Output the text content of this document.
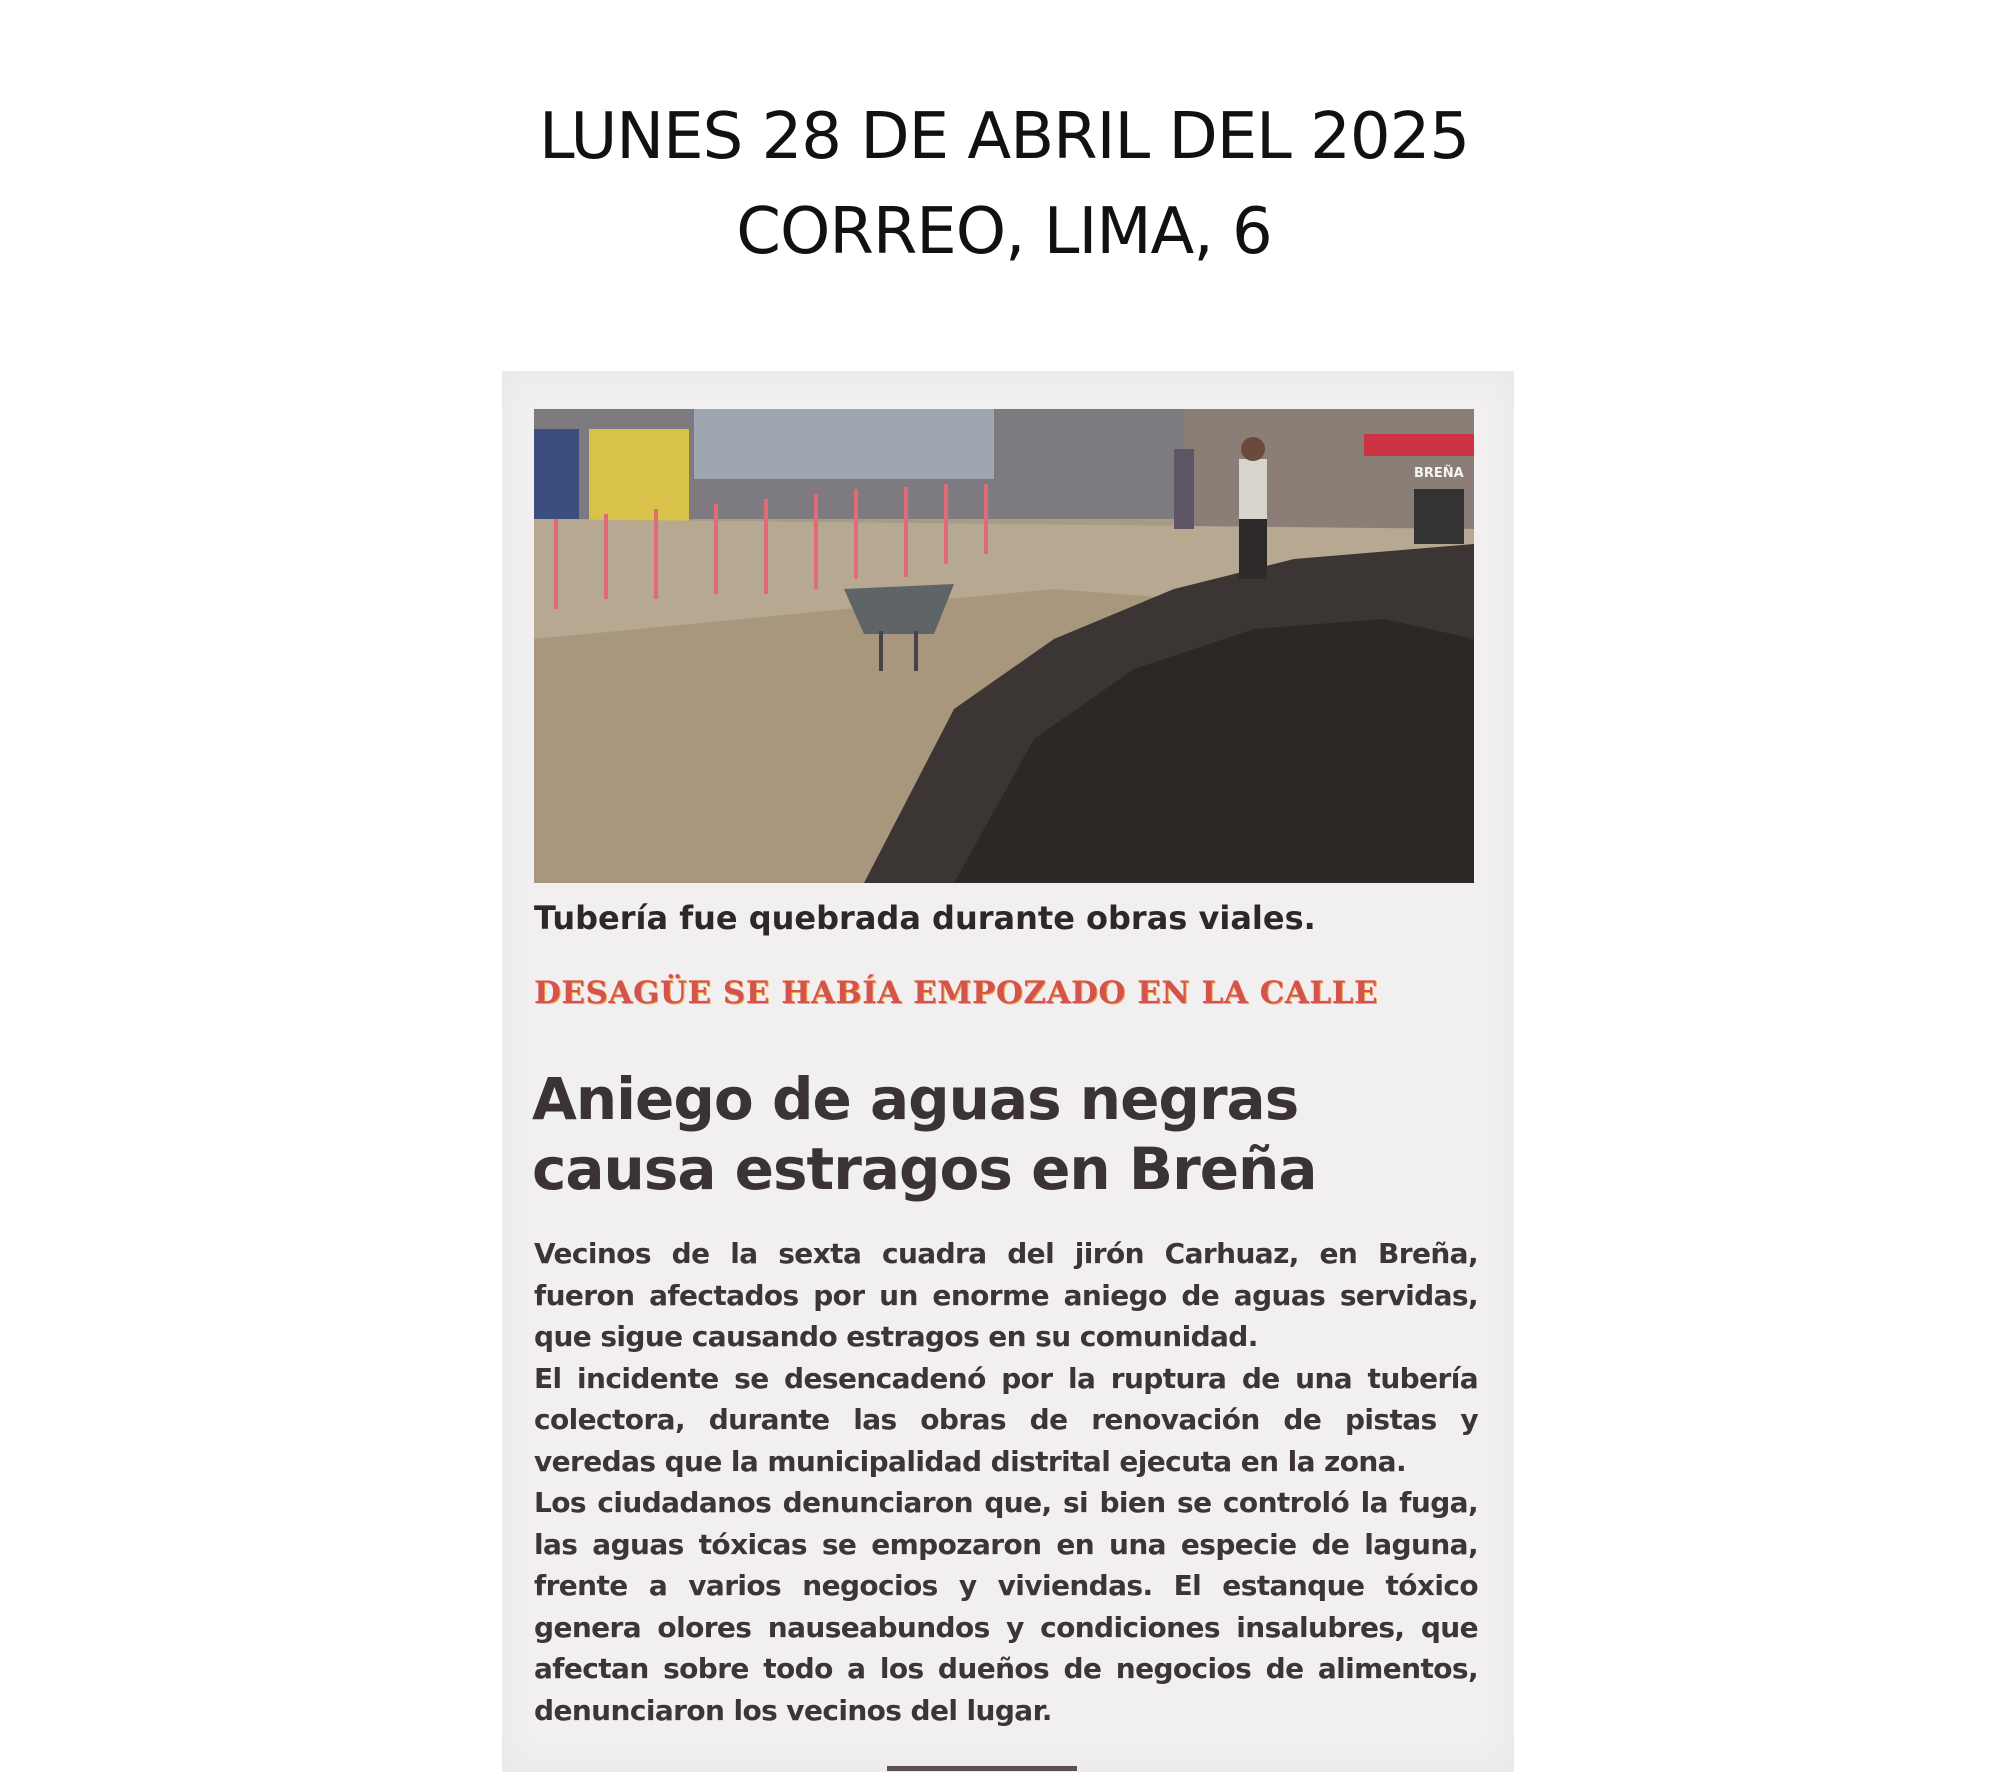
LUNES 28 DE ABRIL DEL 2025
CORREO, LIMA, 6
BREÑA
Tubería fue quebrada durante obras viales.
DESAGÜE SE HABÍA EMPOZADO EN LA CALLE
Aniego de aguas negras
causa estragos en Breña

Vecinos de la sexta cuadra del jirón Carhuaz, en Breña, fueron afectados por un enorme aniego de aguas servidas, que sigue causando estragos en su comunidad.

El incidente se desencadenó por la ruptura de una tubería colectora, durante las obras de renovación de pistas y veredas que la municipalidad distrital ejecuta en la zona.

Los ciudadanos denunciaron que, si bien se controló la fuga, las aguas tóxicas se empozaron en una especie de laguna, frente a varios negocios y viviendas. El estanque tóxico genera olores nauseabundos y condiciones insalubres, que afectan sobre todo a los dueños de negocios de alimentos, denunciaron los vecinos del lugar.
